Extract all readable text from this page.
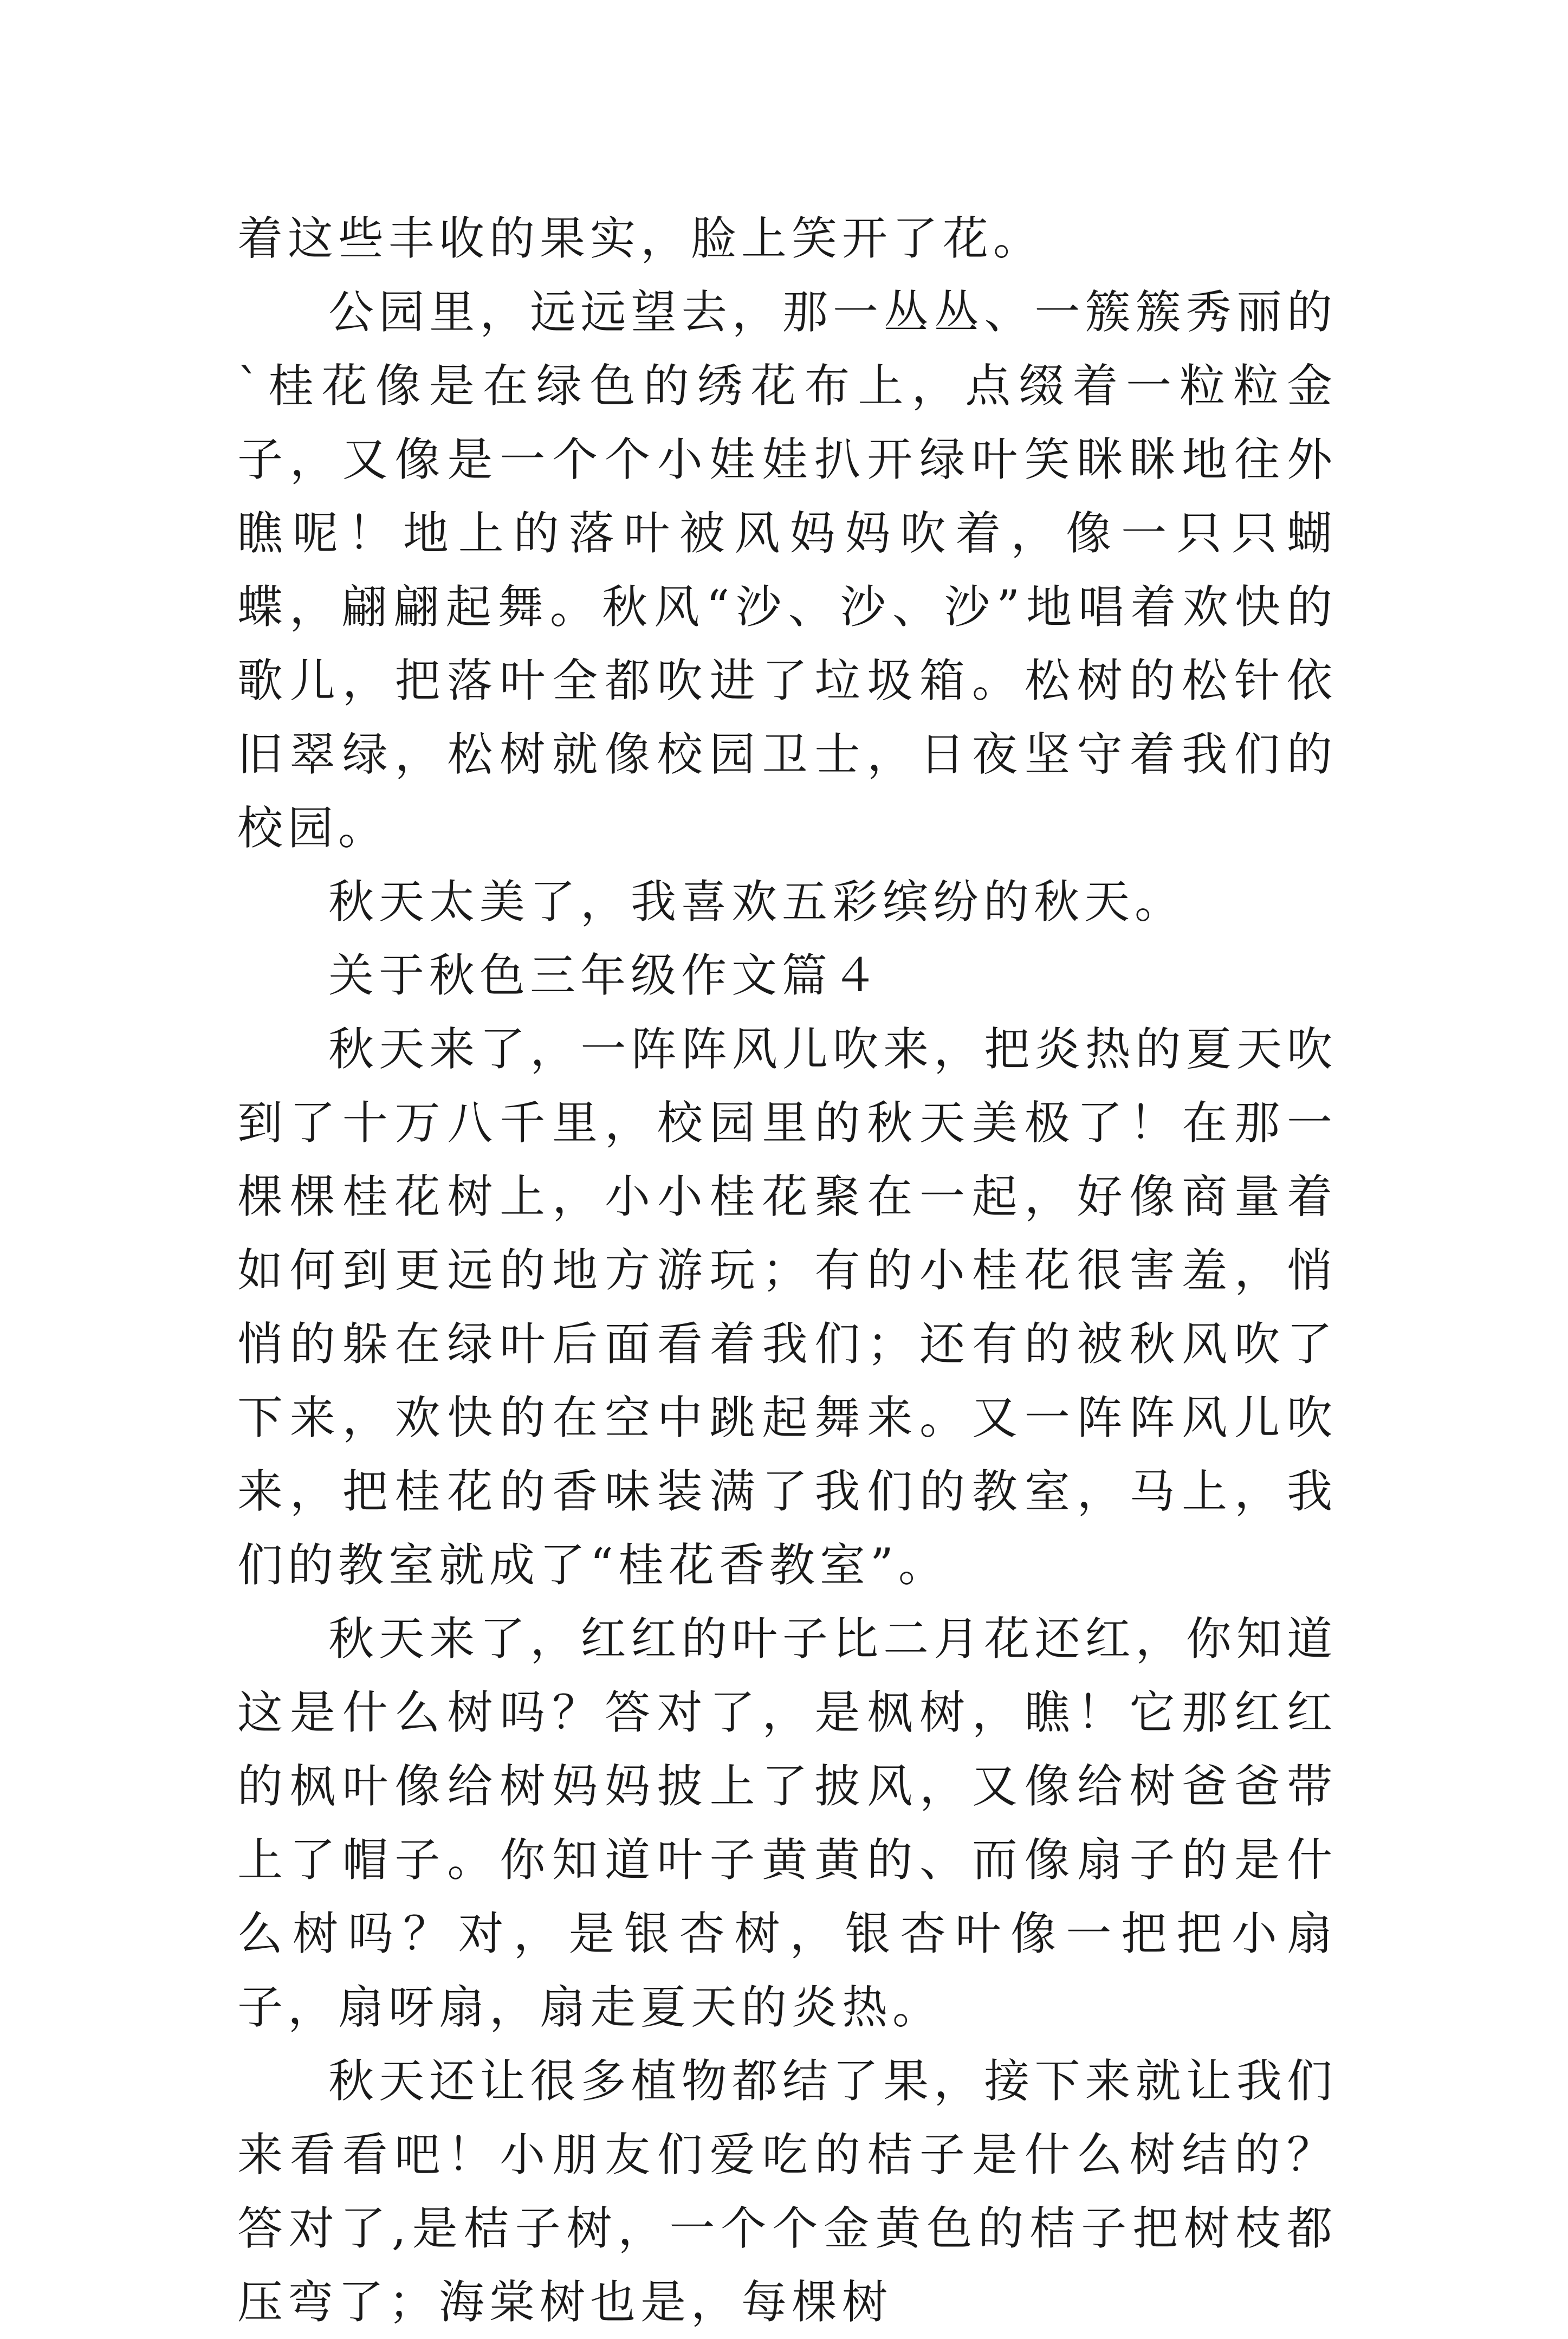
着这些丰收的果实，脸上笑开了花。

公园里，远远望去，那一丛丛、一簇簇秀丽的`桂花像是在绿色的绣花布上，点缀着一粒粒金子，又像是一个个小娃娃扒开绿叶笑眯眯地往外瞧呢！地上的落叶被风妈妈吹着，像一只只蝴蝶，翩翩起舞。秋风“沙、沙、沙”地唱着欢快的歌儿，把落叶全都吹进了垃圾箱。松树的松针依旧翠绿，松树就像校园卫士，日夜坚守着我们的校园。

秋天太美了，我喜欢五彩缤纷的秋天。

关于秋色三年级作文篇４

秋天来了，一阵阵风儿吹来，把炎热的夏天吹到了十万八千里，校园里的秋天美极了！在那一棵棵桂花树上，小小桂花聚在一起，好像商量着如何到更远的地方游玩；有的小桂花很害羞，悄悄的躲在绿叶后面看着我们；还有的被秋风吹了下来，欢快的在空中跳起舞来。又一阵阵风儿吹来，把桂花的香味装满了我们的教室，马上，我们的教室就成了“桂花香教室”。

秋天来了，红红的叶子比二月花还红，你知道这是什么树吗？答对了，是枫树，瞧！它那红红的枫叶像给树妈妈披上了披风，又像给树爸爸带上了帽子。你知道叶子黄黄的、而像扇子的是什么树吗？对，是银杏树，银杏叶像一把把小扇子，扇呀扇，扇走夏天的炎热。

秋天还让很多植物都结了果，接下来就让我们来看看吧！小朋友们爱吃的桔子是什么树结的？答对了,是桔子树，一个个金黄色的桔子把树枝都压弯了；海棠树也是，每棵树
